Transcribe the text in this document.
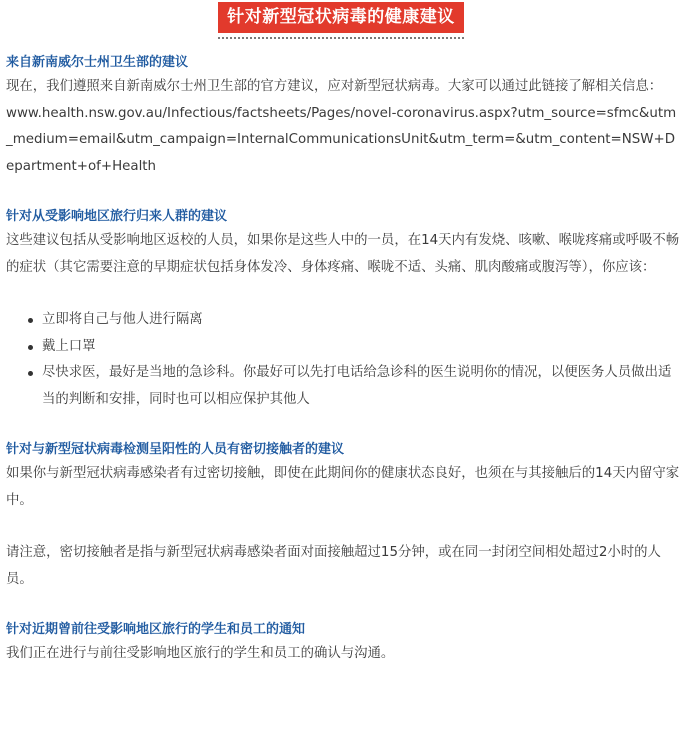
针对新型冠状病毒的健康建议

来自新南威尔士州卫生部的建议

现在，我们遵照来自新南威尔士州卫生部的官方建议，应对新型冠状病毒。大家可以通过此链接了解相关信息：

www.health.nsw.gov.au/Infectious/factsheets/Pages/novel-coronavirus.aspx?utm_source=sfmc&utm_medium=email&utm_campaign=InternalCommunicationsUnit&utm_term=&utm_content=NSW+Department+of+Health

针对从受影响地区旅行归来人群的建议

这些建议包括从受影响地区返校的人员，如果你是这些人中的一员，在14天内有发烧、咳嗽、喉咙疼痛或呼吸不畅的症状（其它需要注意的早期症状包括身体发冷、身体疼痛、喉咙不适、头痛、肌肉酸痛或腹泻等），你应该：

立即将自己与他人进行隔离
戴上口罩
尽快求医，最好是当地的急诊科。你最好可以先打电话给急诊科的医生说明你的情况，以便医务人员做出适当的判断和安排，同时也可以相应保护其他人

针对与新型冠状病毒检测呈阳性的人员有密切接触者的建议

如果你与新型冠状病毒感染者有过密切接触，即使在此期间你的健康状态良好，也须在与其接触后的14天内留守家中。

请注意，密切接触者是指与新型冠状病毒感染者面对面接触超过15分钟，或在同一封闭空间相处超过2小时的人员。

针对近期曾前往受影响地区旅行的学生和员工的通知

我们正在进行与前往受影响地区旅行的学生和员工的确认与沟通。
